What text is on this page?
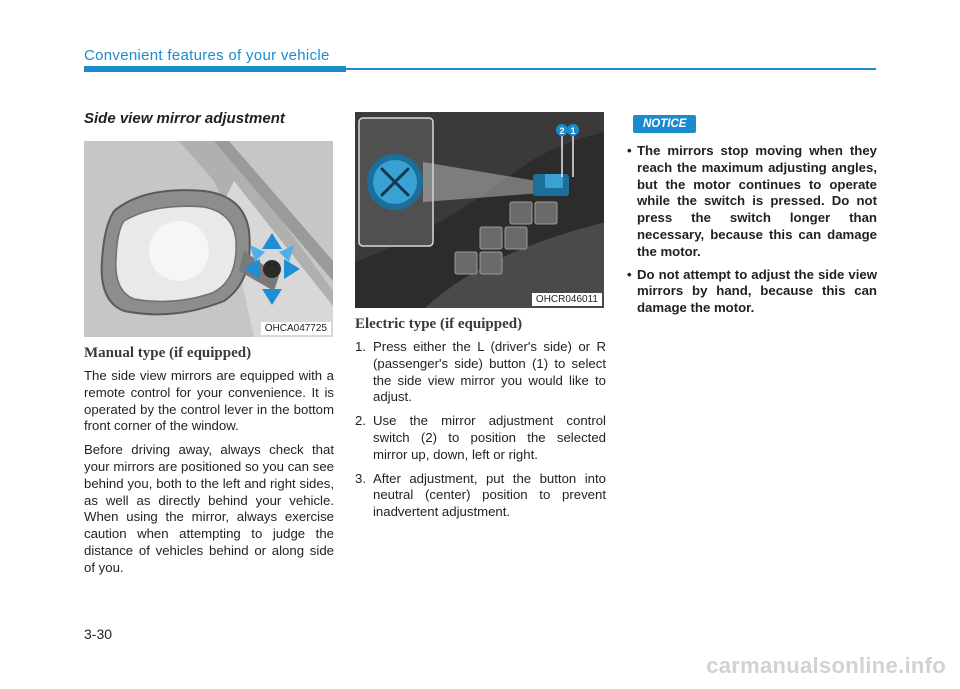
Convenient features of your vehicle
Side view mirror adjustment
OHCA047725
Manual type (if equipped)

The side view mirrors are equipped with a remote control for your convenience. It is operated by the control lever in the bottom front corner of the window.

Before driving away, always check that your mirrors are positioned so you can see behind you, both to the left and right sides, as well as directly behind your vehicle. When using the mirror, always exercise caution when attempting to judge the distance of vehicles behind or along side of you.

2 1
OHCR046011
Electric type (if equipped)
1. Press either the L (driver's side) or R (passenger's side) button (1) to select the side view mirror you would like to adjust.
2. Use the mirror adjustment control switch (2) to position the selected mirror up, down, left or right.
3. After adjustment, put the button into neutral (center) position to prevent inadvertent adjustment.
NOTICE
• The mirrors stop moving when they reach the maximum adjusting angles, but the motor continues to operate while the switch is pressed. Do not press the switch longer than necessary, because this can damage the motor.
• Do not attempt to adjust the side view mirrors by hand, because this can damage the motor.
3-30
carmanualsonline.info
